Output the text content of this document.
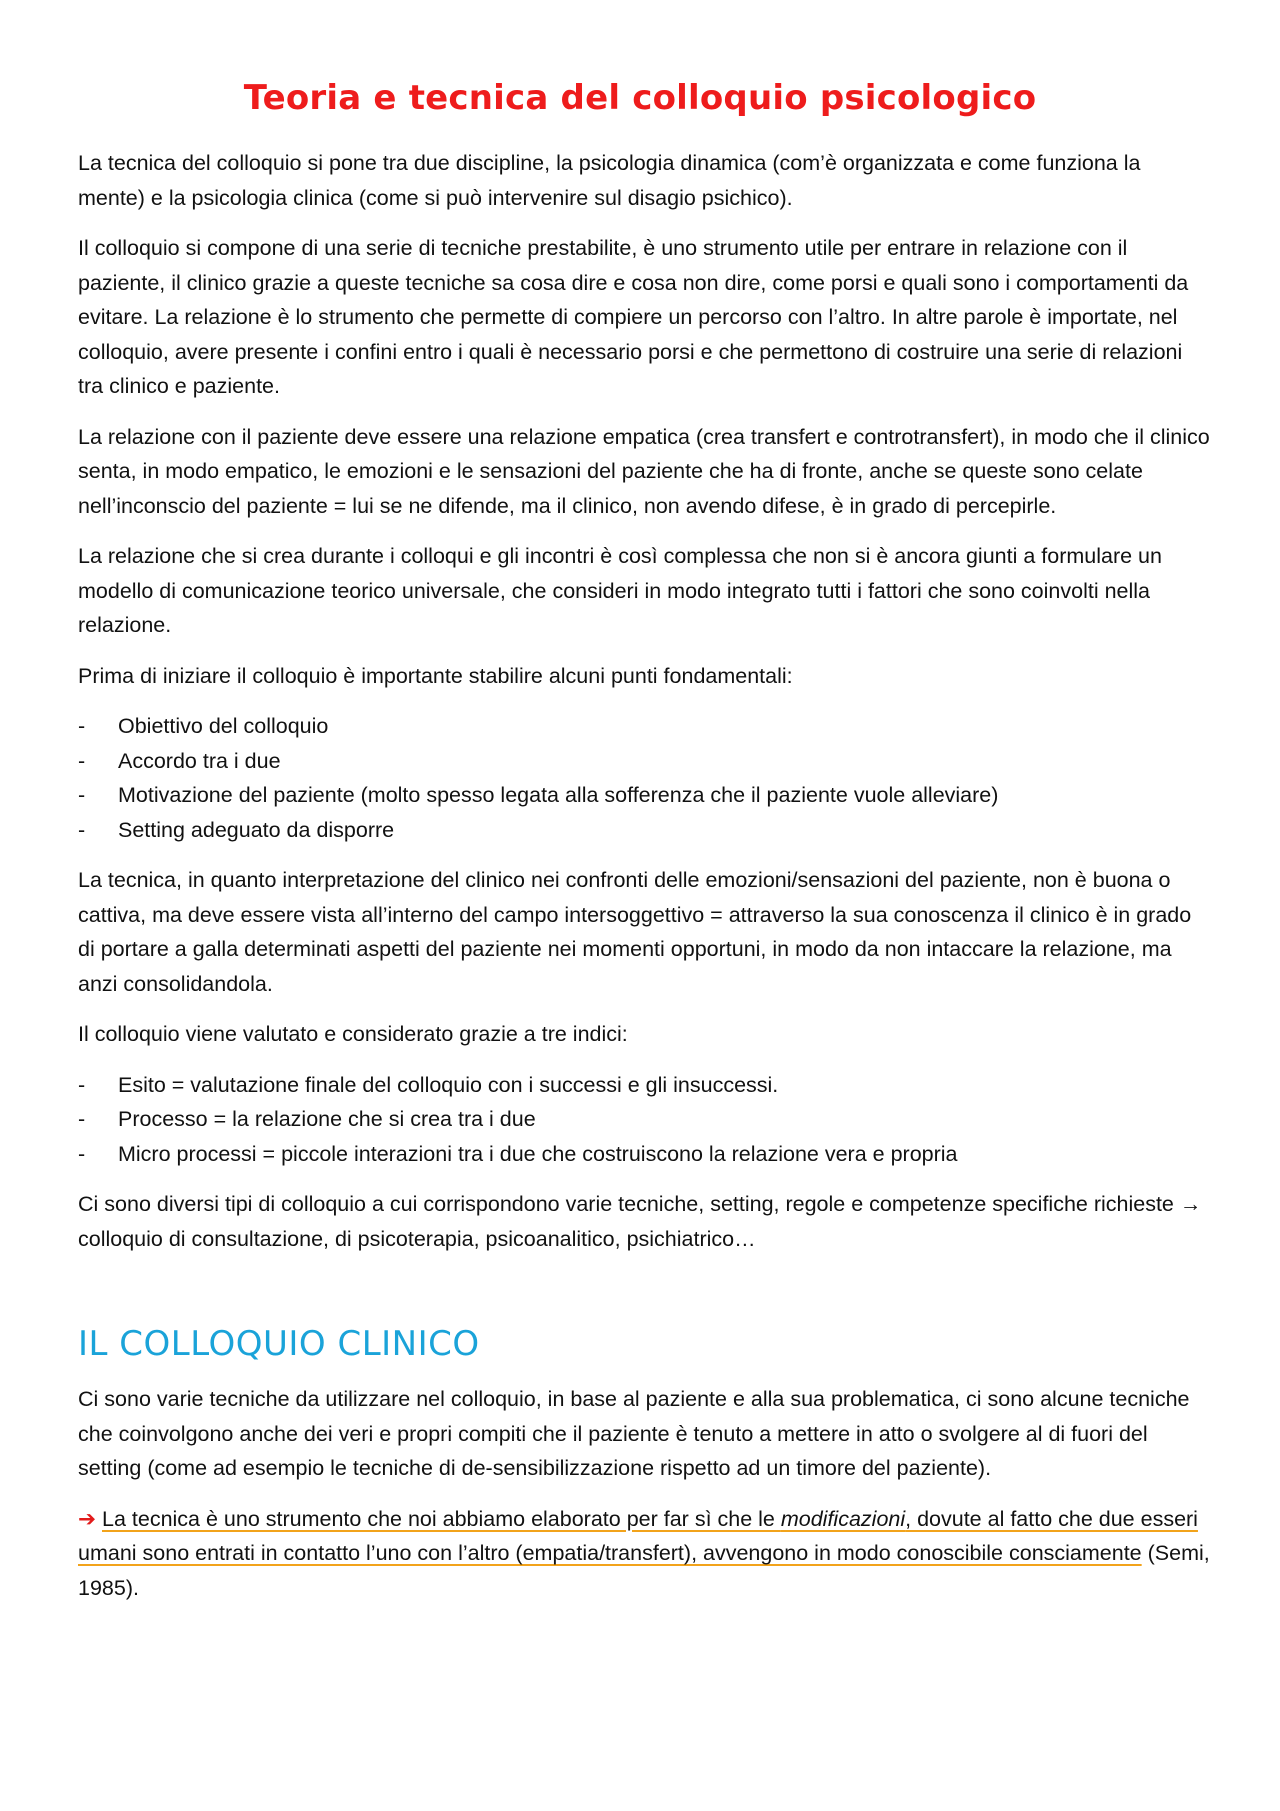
Teoria e tecnica del colloquio psicologico

La tecnica del colloquio si pone tra due discipline, la psicologia dinamica (com’è organizzata e come funziona la mente) e la psicologia clinica (come si può intervenire sul disagio psichico).

Il colloquio si compone di una serie di tecniche prestabilite, è uno strumento utile per entrare in relazione con il paziente, il clinico grazie a queste tecniche sa cosa dire e cosa non dire, come porsi e quali sono i comportamenti da evitare. La relazione è lo strumento che permette di compiere un percorso con l’altro. In altre parole è importate, nel colloquio, avere presente i confini entro i quali è necessario porsi e che permettono di costruire una serie di relazioni tra clinico e paziente.

La relazione con il paziente deve essere una relazione empatica (crea transfert e controtransfert), in modo che il clinico senta, in modo empatico, le emozioni e le sensazioni del paziente che ha di fronte, anche se queste sono celate nell’inconscio del paziente = lui se ne difende, ma il clinico, non avendo difese, è in grado di percepirle.

La relazione che si crea durante i colloqui e gli incontri è così complessa che non si è ancora giunti a formulare un modello di comunicazione teorico universale, che consideri in modo integrato tutti i fattori che sono coinvolti nella relazione.

Prima di iniziare il colloquio è importante stabilire alcuni punti fondamentali:

- Obiettivo del colloquio
- Accordo tra i due
- Motivazione del paziente (molto spesso legata alla sofferenza che il paziente vuole alleviare)
- Setting adeguato da disporre

La tecnica, in quanto interpretazione del clinico nei confronti delle emozioni/sensazioni del paziente, non è buona o cattiva, ma deve essere vista all’interno del campo intersoggettivo = attraverso la sua conoscenza il clinico è in grado di portare a galla determinati aspetti del paziente nei momenti opportuni, in modo da non intaccare la relazione, ma anzi consolidandola.

Il colloquio viene valutato e considerato grazie a tre indici:

- Esito = valutazione finale del colloquio con i successi e gli insuccessi.
- Processo = la relazione che si crea tra i due
- Micro processi = piccole interazioni tra i due che costruiscono la relazione vera e propria

Ci sono diversi tipi di colloquio a cui corrispondono varie tecniche, setting, regole e competenze specifiche richieste → colloquio di consultazione, di psicoterapia, psicoanalitico, psichiatrico…

IL COLLOQUIO CLINICO

Ci sono varie tecniche da utilizzare nel colloquio, in base al paziente e alla sua problematica, ci sono alcune tecniche che coinvolgono anche dei veri e propri compiti che il paziente è tenuto a mettere in atto o svolgere al di fuori del setting (come ad esempio le tecniche di de-sensibilizzazione rispetto ad un timore del paziente).

➔ La tecnica è uno strumento che noi abbiamo elaborato per far sì che le modificazioni, dovute al fatto che due esseri umani sono entrati in contatto l’uno con l’altro (empatia/transfert), avvengono in modo conoscibile consciamente (Semi, 1985).
